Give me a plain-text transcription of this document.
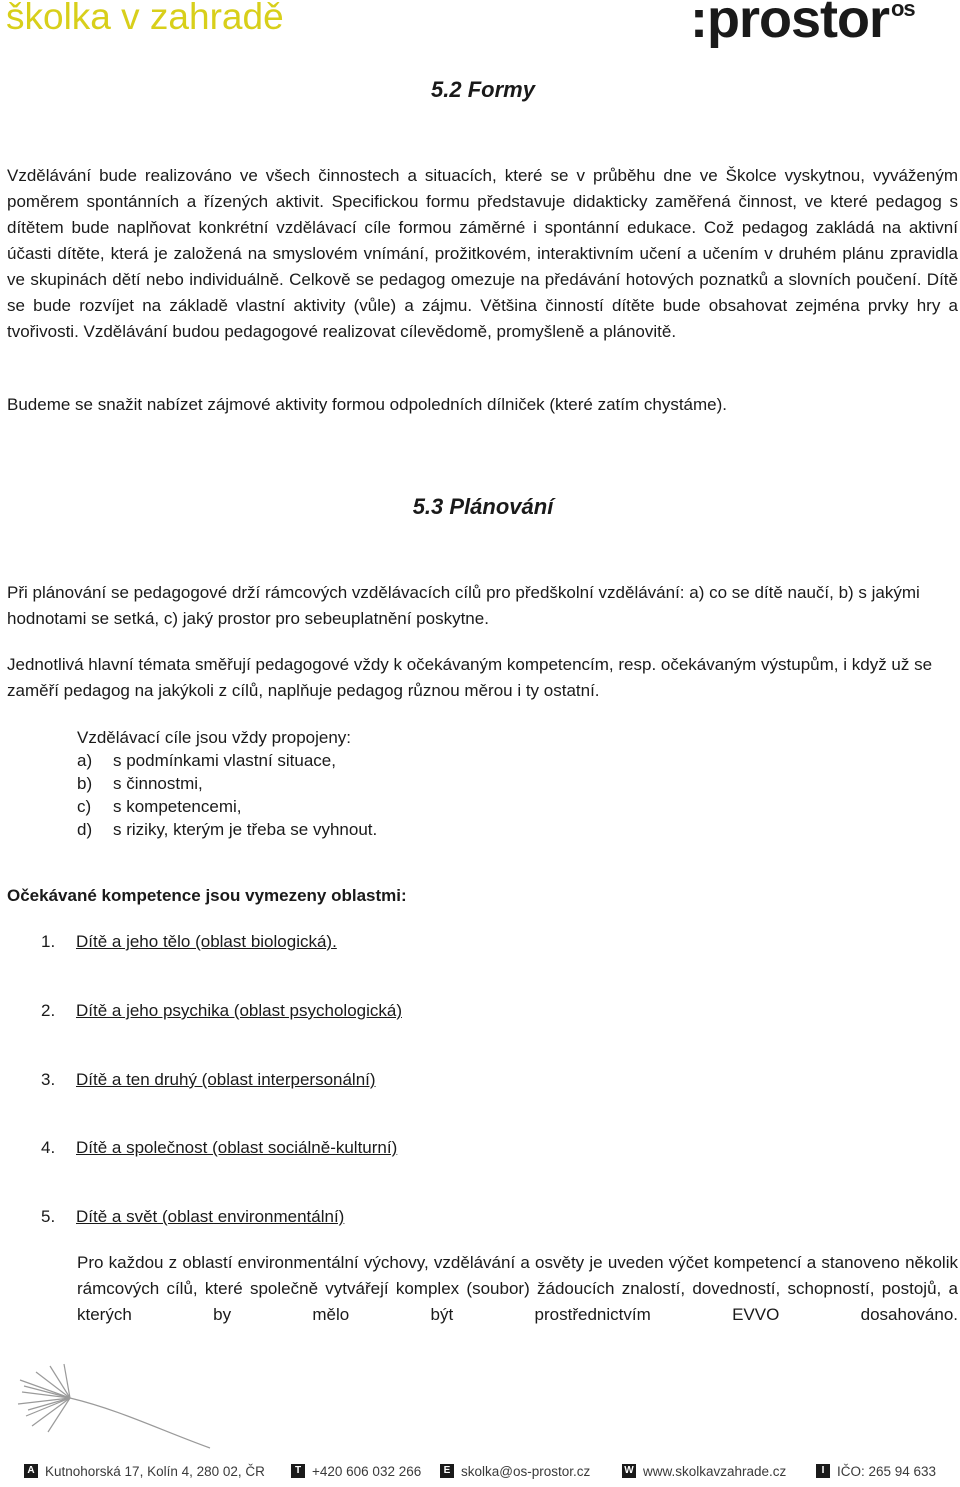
školka v zahradě	:prostor$^{os}$
5.2 Formy

Vzdělávání bude realizováno ve všech činnostech a situacích, které se v průběhu dne ve Školce vyskytnou, vyváženým poměrem spontánních a řízených aktivit. Specifickou formu představuje didakticky zaměřená činnost, ve které pedagog s dítětem bude naplňovat konkrétní vzdělávací cíle formou záměrné i spontánní edukace. Což pedagog zakládá na aktivní účasti dítěte, která je založená na smyslovém vnímání, prožitkovém, interaktivním učení a učením v druhém plánu zpravidla ve skupinách dětí nebo individuálně. Celkově se pedagog omezuje na předávání hotových poznatků a slovních poučení. Dítě se bude rozvíjet na základě vlastní aktivity (vůle) a zájmu. Většina činností dítěte bude obsahovat zejména prvky hry a tvořivosti. Vzdělávání budou pedagogové realizovat cílevědomě, promyšleně a plánovitě.

Budeme se snažit nabízet zájmové aktivity formou odpoledních dílniček (které zatím chystáme).

5.3 Plánování

Při plánování se pedagogové drží rámcových vzdělávacích cílů pro předškolní vzdělávání: a) co se dítě naučí, b) s jakými hodnotami se setká, c) jaký prostor pro sebeuplatnění poskytne.

Jednotlivá hlavní témata směřují pedagogové vždy k očekávaným kompetencím, resp. očekávaným výstupům, i když už se zaměří pedagog na jakýkoli z cílů, naplňuje pedagog různou měrou i ty ostatní.

Vzdělávací cíle jsou vždy propojeny:
a) s podmínkami vlastní situace,
b) s činnostmi,
c) s kompetencemi,
d) s riziky, kterým je třeba se vyhnout.
Očekávané kompetence jsou vymezeny oblastmi:
1. Dítě a jeho tělo (oblast biologická).
2. Dítě a jeho psychika (oblast psychologická)
3. Dítě a ten druhý (oblast interpersonální)
4. Dítě a společnost (oblast sociálně-kulturní)
5. Dítě a svět (oblast environmentální)

Pro každou z oblastí environmentální výchovy, vzdělávání a osvěty je uveden výčet kompetencí a stanoveno několik rámcových cílů, které společně vytvářejí komplex (soubor) žádoucích znalostí, dovedností, schopností, postojů, a kterých by mělo být prostřednictvím EVVO dosahováno.

A Kutnohorská 17, Kolín 4, 280 02, ČR	T +420 606 032 266	E skolka@os-prostor.cz	W www.skolkavzahrade.cz	I IČO: 265 94 633
